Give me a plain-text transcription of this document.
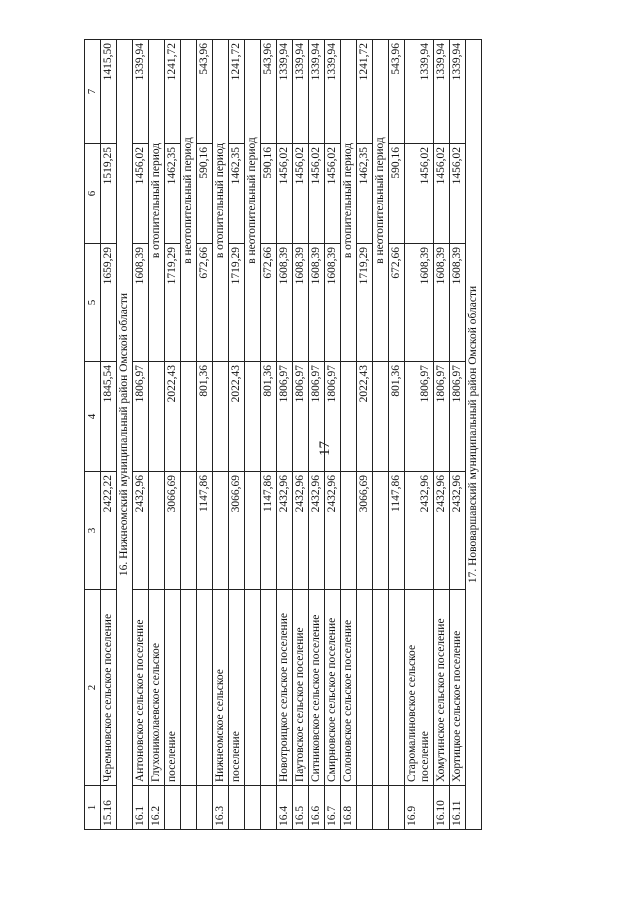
17
1	2	3	4	5	6	7
15.16	Черемновское сельское поселение	2422,22	1845,54	1659,29	1519,25	1415,50
16. Нижнеомский муниципальный район Омской области						
16.1	Антоновское сельское поселение	2432,96	1806,97	1608,39	1456,02	1339,94
16.2	Глухониколаевское сельское			в отопительный период		
	поселение	3066,69	2022,43	1719,29	1462,35	1241,72
				в неотопительный период		
		1147,86	801,36	672,66	590,16	543,96
16.3	Нижнеомское сельское			в отопительный период		
	поселение	3066,69	2022,43	1719,29	1462,35	1241,72
				в неотопительный период		
		1147,86	801,36	672,66	590,16	543,96
16.4	Новотроицкое сельское поселение	2432,96	1806,97	1608,39	1456,02	1339,94
16.5	Паутовское сельское поселение	2432,96	1806,97	1608,39	1456,02	1339,94
16.6	Ситниковское сельское поселение	2432,96	1806,97	1608,39	1456,02	1339,94
16.7	Смирновское сельское поселение	2432,96	1806,97	1608,39	1456,02	1339,94
16.8	Солоновское сельское поселение			в отопительный период		
		3066,69	2022,43	1719,29	1462,35	1241,72
				в неотопительный период		
		1147,86	801,36	672,66	590,16	543,96
16.9	Старомалиновское сельское поселение	2432,96	1806,97	1608,39	1456,02	1339,94
16.10	Хомутинское сельское поселение	2432,96	1806,97	1608,39	1456,02	1339,94
16.11	Хортицкое сельское поселение	2432,96	1806,97	1608,39	1456,02	1339,94
17. Нововаршавский муниципальный район Омской области						
